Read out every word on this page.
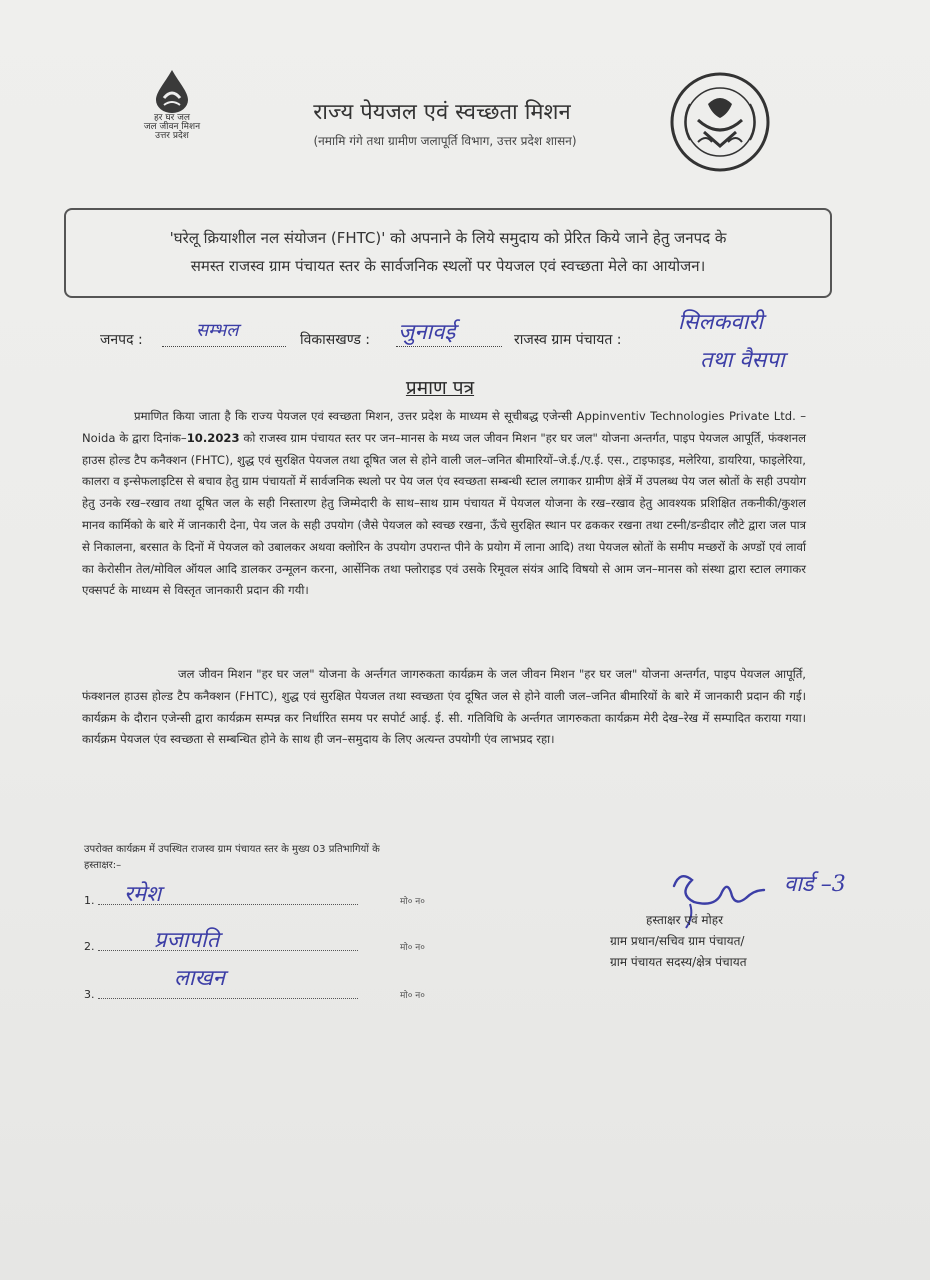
हर घर जल
जल जीवन मिशन
उत्तर प्रदेश
राज्य पेयजल एवं स्वच्छता मिशन
(नमामि गंगे तथा ग्रामीण जलापूर्ति विभाग, उत्तर प्रदेश शासन)

'घरेलू क्रियाशील नल संयोजन (FHTC)' को अपनाने के लिये समुदाय को प्रेरित किये जाने हेतु जनपद के

समस्त राजस्व ग्राम पंचायत स्तर के सार्वजनिक स्थलों पर पेयजल एवं स्वच्छता मेले का आयोजन।

जनपद :	सम्भल	विकासखण्ड : जुनावई	राजस्व ग्राम पंचायत :
सिलकवारी
तथा वैसपा
प्रमाण पत्र
प्रमाणित किया जाता है कि राज्य पेयजल एवं स्वच्छता मिशन, उत्तर प्रदेश के माध्यम से सूचीबद्ध एजेन्सी Appinventiv Technologies Private Ltd. – Noida के द्वारा दिनांक–10.2023 को राजस्व ग्राम पंचायत स्तर पर जन–मानस के मध्य जल जीवन मिशन "हर घर जल" योजना अन्तर्गत, पाइप पेयजल आपूर्ति, फंक्शनल हाउस होल्ड टैप कनैक्शन (FHTC), शुद्ध एवं सुरक्षित पेयजल तथा दूषित जल से होने वाली जल–जनित बीमारियों–जे.ई./ए.ई. एस., टाइफाइड, मलेरिया, डायरिया, फाइलेरिया, कालरा व इन्सेफलाइटिस से बचाव हेतु ग्राम पंचायतों में सार्वजनिक स्थलो पर पेय जल एंव स्वच्छता सम्बन्धी स्टाल लगाकर ग्रामीण क्षेत्रें में उपलब्ध पेय जल स्रोतों के सही उपयोग हेतु उनके रख–रखाव तथा दूषित जल के सही निस्तारण हेतु जिम्मेदारी के साथ–साथ ग्राम पंचायत में पेयजल योजना के रख–रखाव हेतु आवश्यक प्रशिक्षित तकनीकी/कुशल मानव कार्मिको के बारे में जानकारी देना, पेय जल के सही उपयोग (जैसे पेयजल को स्वच्छ रखना, ऊँचे सुरक्षित स्थान पर ढककर रखना तथा टस्नी/डन्डीदार लौटे द्वारा जल पात्र से निकालना, बरसात के दिनों में पेयजल को उबालकर अथवा क्लोरिन के उपयोग उपरान्त पीने के प्रयोग में लाना आदि) तथा पेयजल स्रोतों के समीप मच्छरों के अण्डों एवं लार्वा का केरोसीन तेल/मोविल ऑयल आदि डालकर उन्मूलन करना, आर्सेनिक तथा फ्लोराइड एवं उसके रिमूवल संयंत्र आदि विषयो से आम जन–मानस को संस्था द्वारा स्टाल लगाकर एक्सपर्ट के माध्यम से विस्तृत जानकारी प्रदान की गयी।
जल जीवन मिशन "हर घर जल" योजना के अर्न्तगत जागरुकता कार्यक्रम के जल जीवन मिशन "हर घर जल" योजना अन्तर्गत, पाइप पेयजल आपूर्ति, फंक्शनल हाउस होल्ड टैप कनैक्शन (FHTC), शुद्ध एवं सुरक्षित पेयजल तथा स्वच्छता एंव दूषित जल से होने वाली जल–जनित बीमारियों के बारे में जानकारी प्रदान की गई। कार्यक्रम के दौरान एजेन्सी द्वारा कार्यक्रम सम्पन्न कर निर्धारित समय पर सपोर्ट आई. ई. सी. गतिविधि के अर्न्तगत जागरुकता कार्यक्रम मेरी देख–रेख में सम्पादित कराया गया। कार्यक्रम पेयजल एंव स्वच्छता से सम्बन्धित होने के साथ ही जन–समुदाय के लिए अत्यन्त उपयोगी एंव लाभप्रद रहा।
उपरोक्त कार्यक्रम में उपस्थित राजस्व ग्राम पंचायत स्तर के मुख्य 03 प्रतिभागियों के
हस्ताक्षर:–
1. रमेश	मो० न०
2.	प्रजापति	मो० न०
3.
लाखन
मो० न०
वार्ड –3
हस्ताक्षर एवं मोहर
ग्राम प्रधान/सचिव ग्राम पंचायत/
ग्राम पंचायत सदस्य/क्षेत्र पंचायत
